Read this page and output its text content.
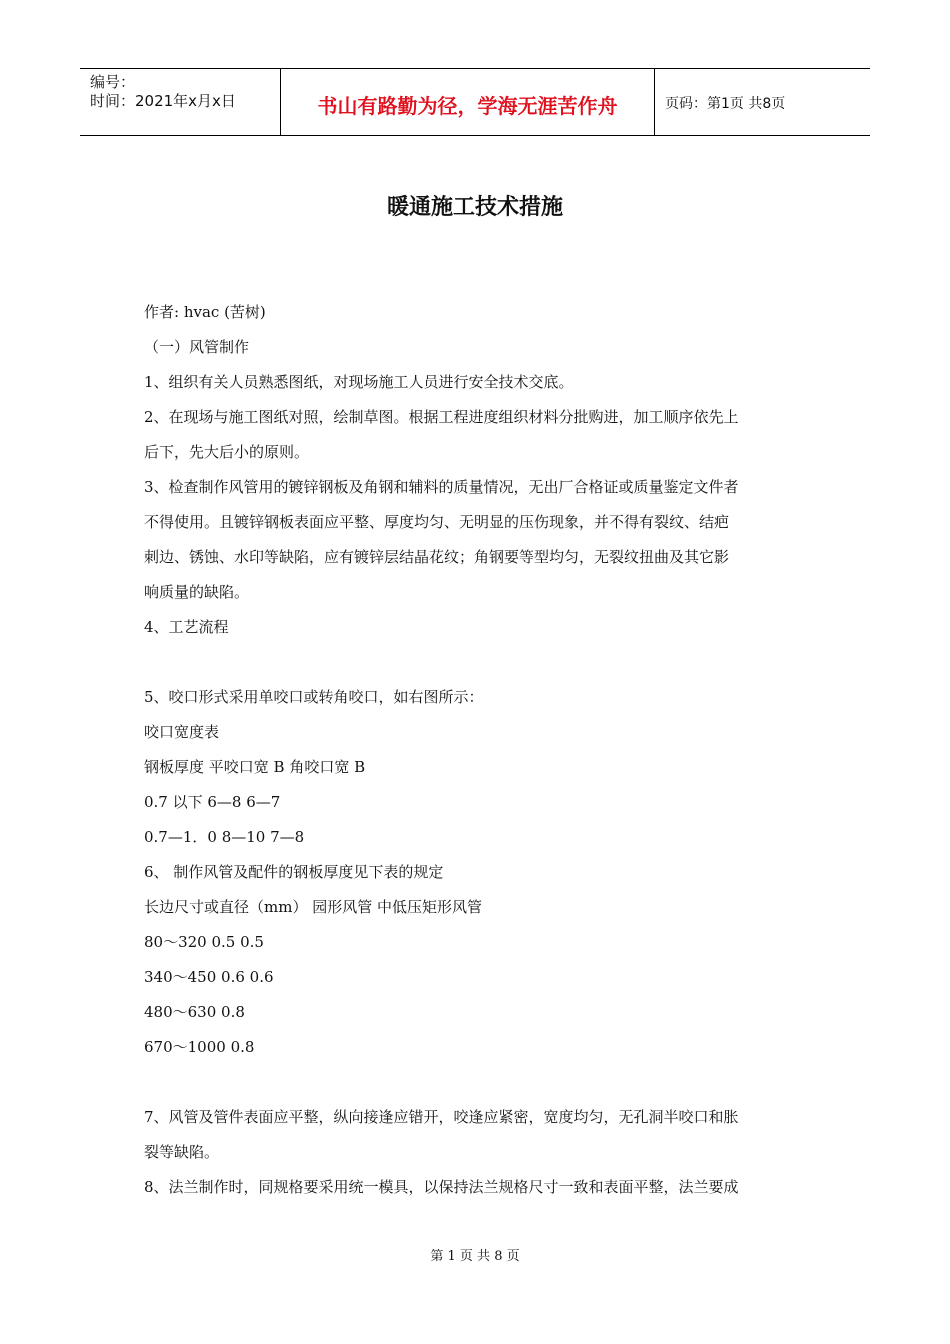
编号：
时间：2021年x月x日	书山有路勤为径，学海无涯苦作舟	页码：第1页 共8页
暖通施工技术措施
作者: hvac (苦树)
（一）风管制作
1、组织有关人员熟悉图纸，对现场施工人员进行安全技术交底。
2、在现场与施工图纸对照，绘制草图。根据工程进度组织材料分批购进，加工顺序依先上
后下，先大后小的原则。
3、检查制作风管用的镀锌钢板及角钢和辅料的质量情况，无出厂合格证或质量鉴定文件者
不得使用。且镀锌钢板表面应平整、厚度均匀、无明显的压伤现象，并不得有裂纹、结疤
刺边、锈蚀、水印等缺陷，应有镀锌层结晶花纹；角钢要等型均匀，无裂纹扭曲及其它影
响质量的缺陷。
4、工艺流程
5、咬口形式采用单咬口或转角咬口，如右图所示：
咬口宽度表
钢板厚度 平咬口宽 B 角咬口宽 B
0.7 以下 6—8 6—7
0.7—1．0 8—10 7—8
6、 制作风管及配件的钢板厚度见下表的规定
长边尺寸或直径（mm） 园形风管 中低压矩形风管
80～320 0.5 0.5
340～450 0.6 0.6
480～630 0.8
670～1000 0.8
7、风管及管件表面应平整，纵向接逢应错开，咬逢应紧密，宽度均匀，无孔洞半咬口和胀
裂等缺陷。
8、法兰制作时，同规格要采用统一模具，以保持法兰规格尺寸一致和表面平整，法兰要成
第 1 页 共 8 页
